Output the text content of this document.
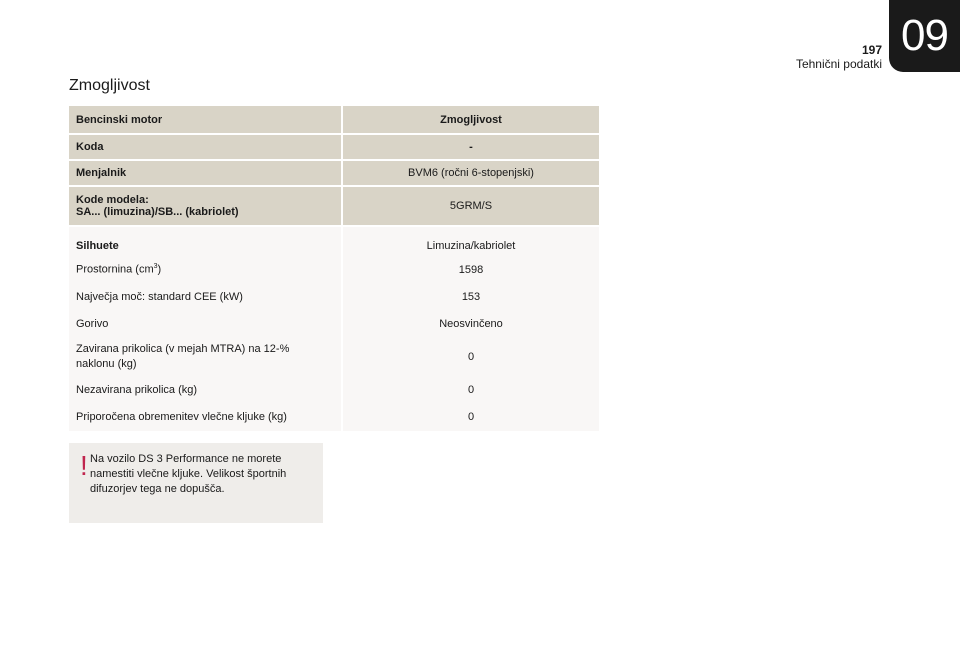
09
197
Tehnični podatki
Zmogljivost
Bencinski motor	Zmogljivost
Koda	-
Menjalnik	BVM6 (ročni 6-stopenjski)

Kode modela:
SA... (limuzina)/SB... (kabriolet)	5GRM/S
Silhuete	Limuzina/kabriolet
Prostornina $(cm^3)$	1598
Največja moč: standard CEE (kW)	153
Gorivo	Neosvinčeno

Zavirana prikolica (v mejah MTRA) na 12-%
naklonu (kg)	0
Nezavirana prikolica (kg)	0
Priporočena obremenitev vlečne kljuke (kg)	0
! Na vozilo DS 3 Performance ne morete
namestiti vlečne kljuke. Velikost športnih
difuzorjev tega ne dopušča.
